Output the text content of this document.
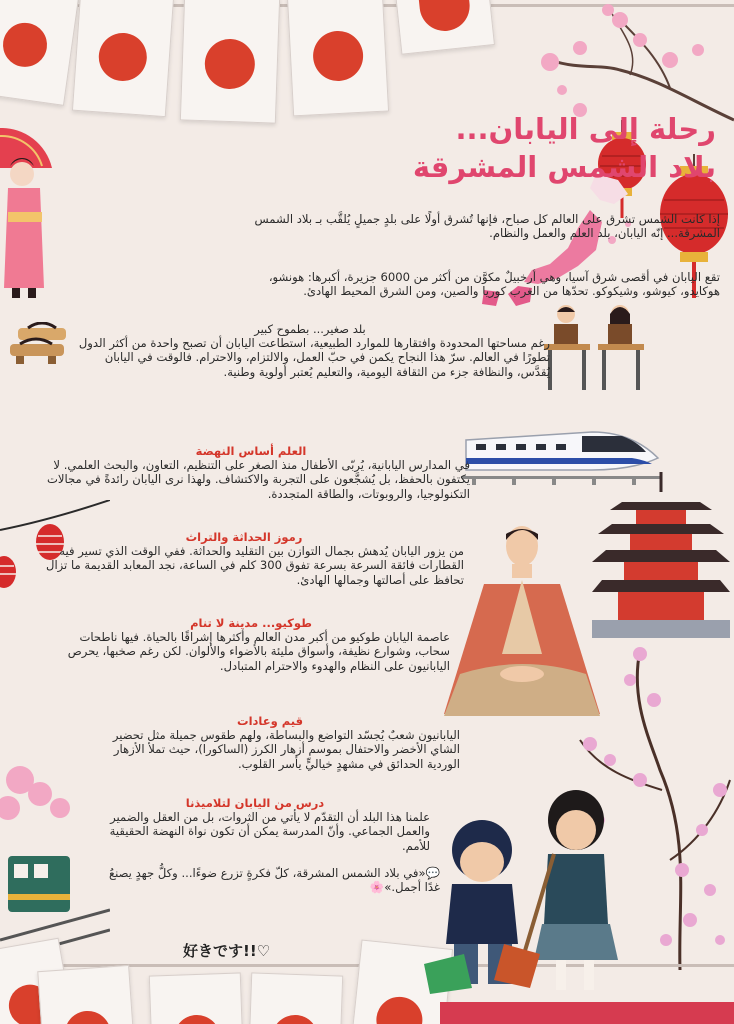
رحلة إلى اليابان...
بلاد الشمس المشرقة
إذا كانت الشمس تشرق على العالم كل صباح، فإنها تُشرق أولًا على بلدٍ جميلٍ يُلقَّب بـ بلاد الشمس المشرقة... إنّه اليابان، بلد العلم والعمل والنظام.
تقع اليابان في أقصى شرق آسيا، وهي أرخبيلٌ مكوَّن من أكثر من 6000 جزيرة، أكبرها: هونشو، هوكايدو، كيوشو، وشيكوكو. تحدّها من الغرب كوريا والصين، ومن الشرق المحيط الهادئ.
بلد صغير... بطموح كبير
رغم مساحتها المحدودة وافتقارها للموارد الطبيعية، استطاعت اليابان أن تصبح واحدة من أكثر الدول تطورًا في العالم. سرّ هذا النجاح يكمن في حبّ العمل، والالتزام، والاحترام. فالوقت في اليابان يُقدَّس، والنظافة جزء من الثقافة اليومية، والتعليم يُعتبر أولوية وطنية.
العلم أساس النهضة
في المدارس اليابانية، يُربّى الأطفال منذ الصغر على التنظيم، التعاون، والبحث العلمي. لا يكتفون بالحفظ، بل يُشجَّعون على التجربة والاكتشاف. ولهذا نرى اليابان رائدةً في مجالات التكنولوجيا، والروبوتات، والطاقة المتجددة.
رموز الحداثة والتراث
من يزور اليابان يُدهش بجمال التوازن بين التقليد والحداثة. ففي الوقت الذي تسير فيه القطارات فائقة السرعة بسرعة تفوق 300 كلم في الساعة، نجد المعابد القديمة ما تزال تحافظ على أصالتها وجمالها الهادئ.
طوكيو... مدينة لا تنام
عاصمة اليابان طوكيو من أكبر مدن العالم وأكثرها إشراقًا بالحياة. فيها ناطحات سحاب، وشوارع نظيفة، وأسواق مليئة بالأضواء والألوان. لكن رغم صخبها، يحرص اليابانيون على النظام والهدوء والاحترام المتبادل.
قيم وعادات
اليابانيون شعبٌ يُجسّد التواضع والبساطة، ولهم طقوس جميلة مثل تحضير الشاي الأخضر والاحتفال بموسم أزهار الكرز (الساكورا)، حيث تملأ الأزهار الوردية الحدائق في مشهدٍ خياليٍّ يأسر القلوب.
درس من اليابان لتلاميذنا
علمنا هذا البلد أن التقدّم لا يأتي من الثروات، بل من العقل والضمير والعمل الجماعي. وأنّ المدرسة يمكن أن تكون نواة النهضة الحقيقية للأمم.
💬«في بلاد الشمس المشرقة، كلّ فكرةٍ تزرع ضوءًا... وكلُّ جهدٍ يصنعُ غدًا أجمل.»🌸
好きです!!♡
